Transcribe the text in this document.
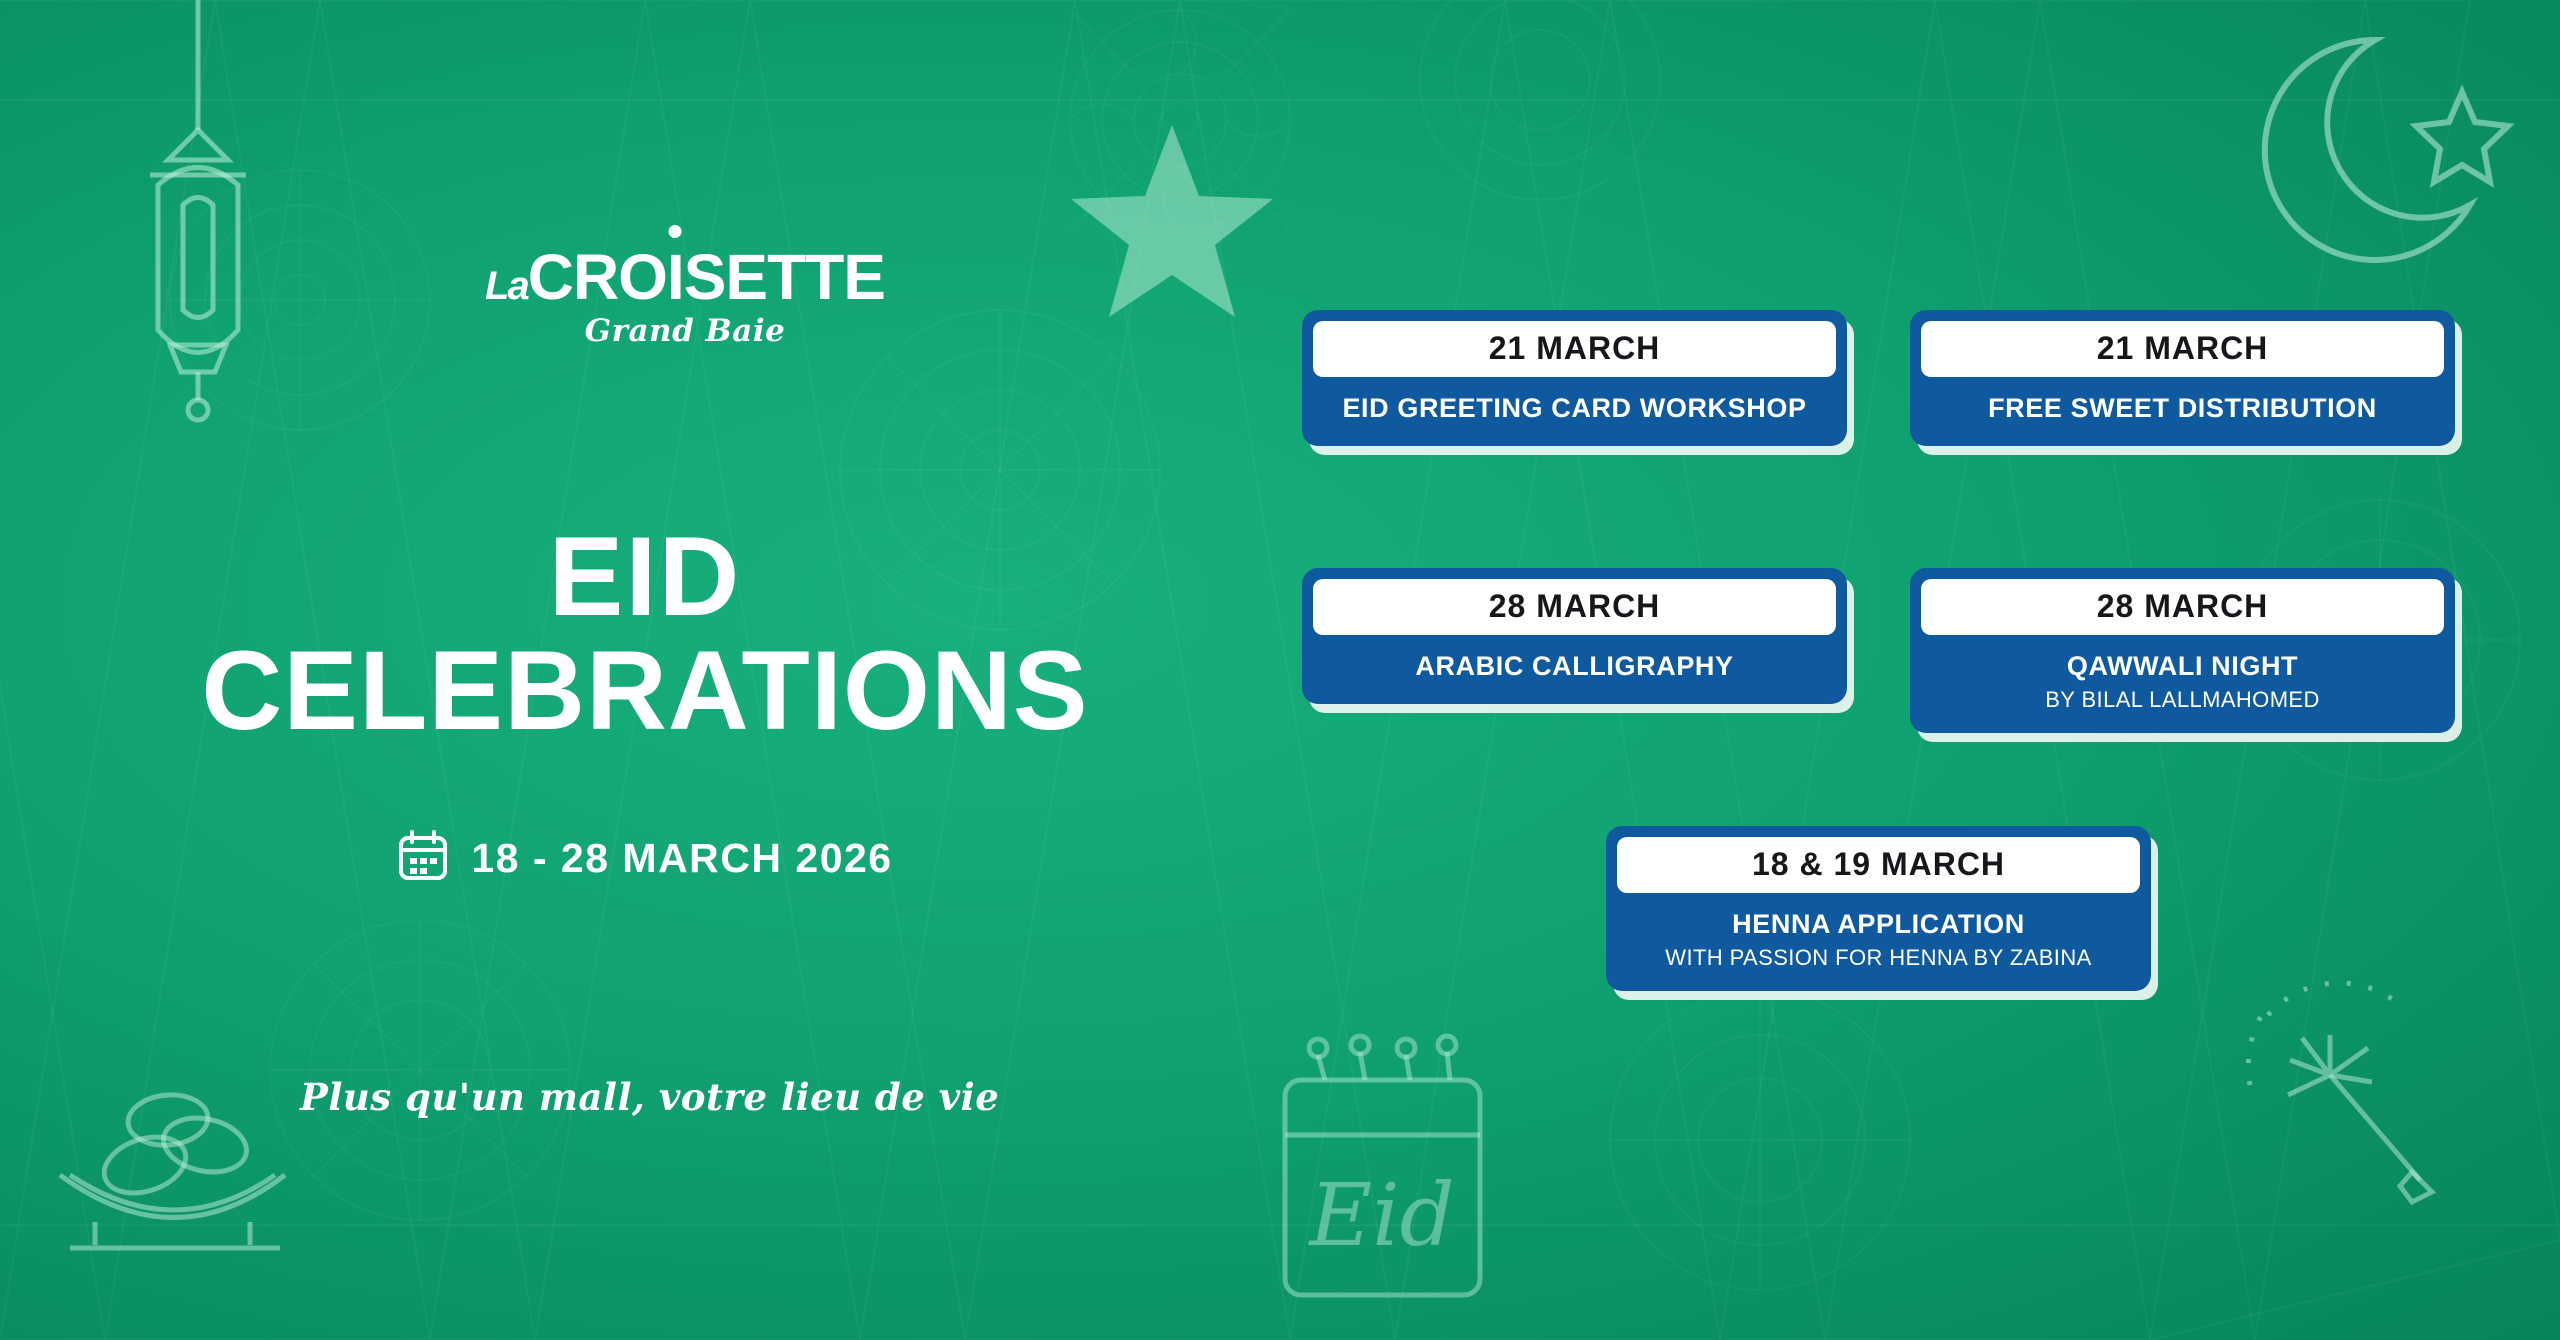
Eid
LaCROISETTE
Grand Baie
EID
CELEBRATIONS
18 - 28 MARCH 2026
Plus qu'un mall, votre lieu de vie
21 MARCH
EID GREETING CARD WORKSHOP
21 MARCH
FREE SWEET DISTRIBUTION
28 MARCH
ARABIC CALLIGRAPHY
28 MARCH
QAWWALI NIGHT
BY BILAL LALLMAHOMED
18 & 19 MARCH
HENNA APPLICATION
WITH PASSION FOR HENNA BY ZABINA
